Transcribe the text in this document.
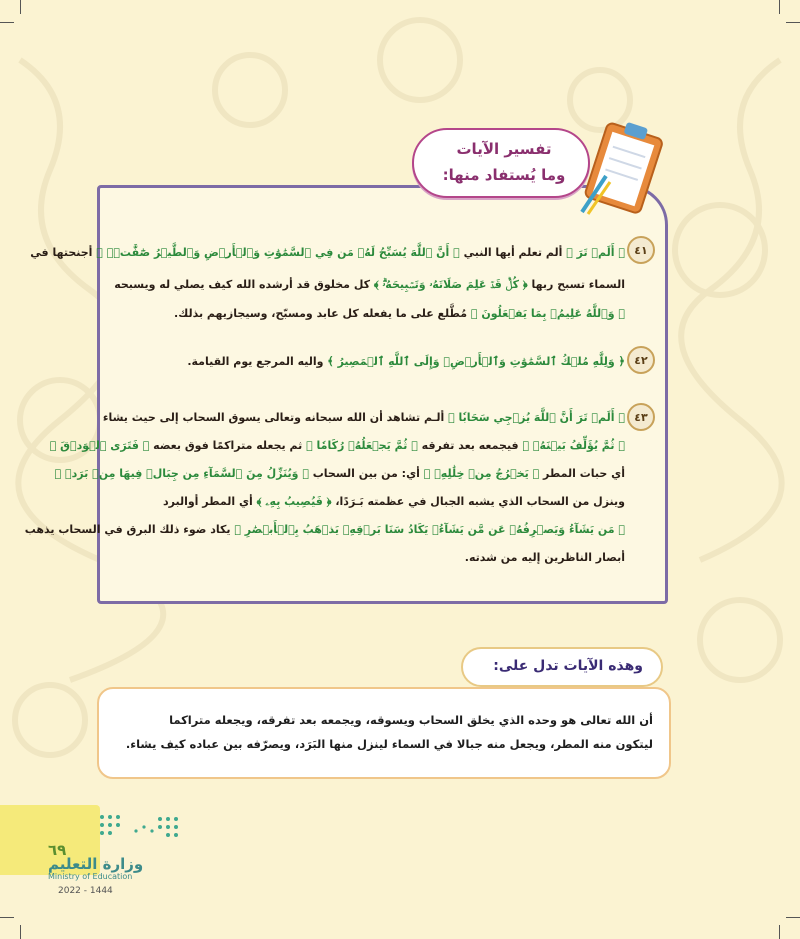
٤١
﴿ أَلَمۡ تَرَ ﴾ ألم تعلم أيها النبي ﴿ أَنَّ ٱللَّهَ يُسَبِّحُ لَهُۥ مَن فِي ٱلسَّمَٰوَٰتِ وَٱلۡأَرۡضِ وَٱلطَّيۡرُ صَٰٓفَّٰتٖۖ ﴾ أجنحتها في
السماء تسبح ربها ﴿ كُلّٞ قَدۡ عَلِمَ صَلَاتَهُۥ وَتَسۡبِيحَهُۥۗ ﴾ كل مخلوق قد أرشده الله كيف يصلي له ويسبحه
﴿ وَٱللَّهُ عَلِيمُۢ بِمَا يَفۡعَلُونَ ﴾ مُطَّلع على ما يفعله كل عابد ومسبّح، وسيجازيهم بذلك.
٤٢
﴿ وَلِلَّهِ مُلۡكُ ٱلسَّمَٰوَٰتِ وَٱلۡأَرۡضِۖ وَإِلَى ٱللَّهِ ٱلۡمَصِيرُ ﴾ واليه المرجع يوم القيامة.
٤٣
﴿ أَلَمۡ تَرَ أَنَّ ٱللَّهَ يُزۡجِي سَحَابٗا ﴾ ألـم تشاهد أن الله سبحانه وتعالى يسوق السحاب إلى حيث يشاء
﴿ ثُمَّ يُؤَلِّفُ بَيۡنَهُۥ ﴾ فيجمعه بعد تفرقه ﴿ ثُمَّ يَجۡعَلُهُۥ رُكَامٗا ﴾ ثم يجعله متراكمًا فوق بعضه ﴿ فَتَرَى ٱلۡوَدۡقَ ﴾
أي حبات المطر ﴿ يَخۡرُجُ مِنۡ خِلَٰلِهِۦ ﴾ أي: من بين السحاب ﴿ وَيُنَزِّلُ مِنَ ٱلسَّمَآءِ مِن جِبَالٖ فِيهَا مِنۢ بَرَدٖ ﴾
وينزل من السحاب الذي يشبه الجبال في عظمته بَـرَدًا، ﴿ فَيُصِيبُ بِهِۦ ﴾ أي المطر أوالبرد
﴿ مَن يَشَآءُ وَيَصۡرِفُهُۥ عَن مَّن يَشَآءُۖ يَكَادُ سَنَا بَرۡقِهِۦ يَذۡهَبُ بِٱلۡأَبۡصَٰرِ ﴾ يكاد ضوء ذلك البرق في السحاب يذهب
أبصار الناظرين إليه من شدته.
تفسير الآيات
وما يُستفاد منها:
وهذه الآيات تدل على:
أن الله تعالى هو وحده الذي يخلق السحاب ويسوقه، ويجمعه بعد تفرقه، ويجعله متراكما
ليتكون منه المطر، ويجعل منه جبالا في السماء لينزل منها البَرَد، ويصرّفه بين عباده كيف يشاء.
٦٩
وزارة التعليم
Ministry of Education
2022 - 1444
